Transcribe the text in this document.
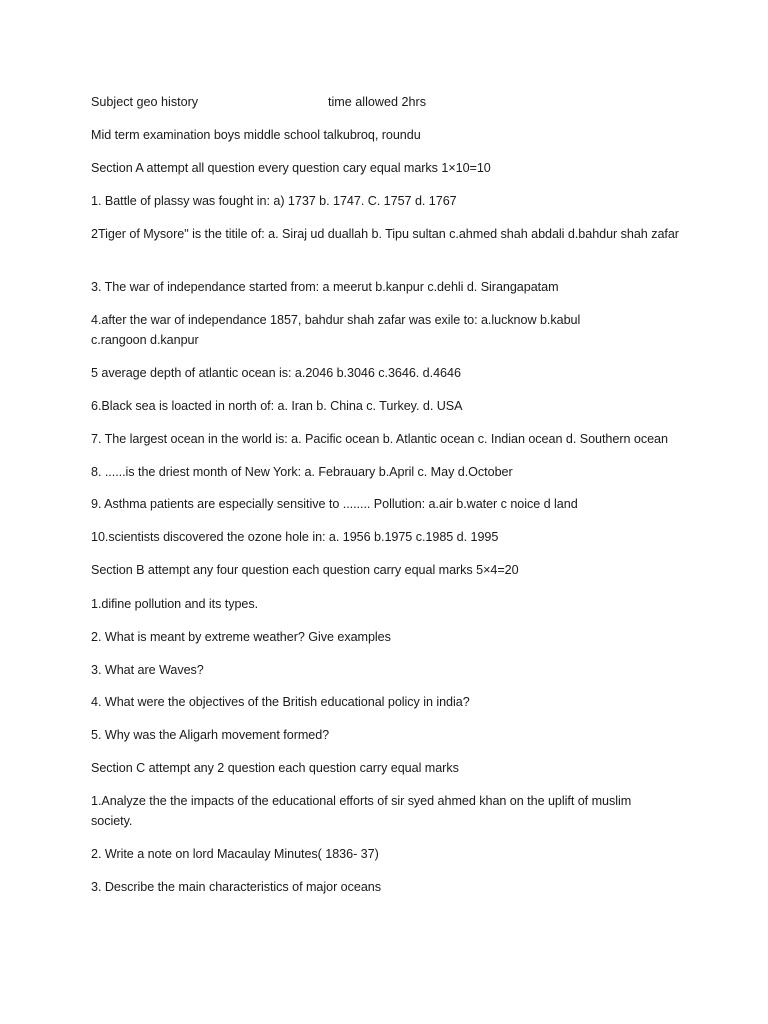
Subject geo history	time allowed 2hrs
Mid term examination boys middle school talkubroq, roundu
Section A attempt all question every question cary equal marks 1×10=10
1. Battle of plassy was fought in: a) 1737 b. 1747. C. 1757 d. 1767
2Tiger of Mysore" is the titile of: a. Siraj ud duallah b. Tipu sultan c.ahmed shah abdali d.bahdur shah zafar
3. The war of independance started from: a meerut b.kanpur c.dehli d. Sirangapatam
4.after the war of independance 1857, bahdur shah zafar was exile to: a.lucknow b.kabul c.rangoon d.kanpur
5 average depth of atlantic ocean is: a.2046 b.3046 c.3646. d.4646
6.Black sea is loacted in north of: a. Iran b. China c. Turkey. d. USA
7. The largest ocean in the world is: a. Pacific ocean b. Atlantic ocean c. Indian ocean d. Southern ocean
8. ......is the driest month of New York: a. Febrauary b.April c. May d.October
9. Asthma patients are especially sensitive to ........ Pollution: a.air b.water c noice d land
10.scientists discovered the ozone hole in: a. 1956 b.1975 c.1985 d. 1995
Section B attempt any four question each question carry equal marks 5×4=20
1.difine pollution and its types.
2. What is meant by extreme weather? Give examples
3. What are Waves?
4. What were the objectives of the British educational policy in india?
5. Why was the Aligarh movement formed?
Section C attempt any 2 question each question carry equal marks
1.Analyze the the impacts of the educational efforts of sir syed ahmed khan on the uplift of muslim society.
2. Write a note on lord Macaulay Minutes( 1836- 37)
3. Describe the main characteristics of major oceans
